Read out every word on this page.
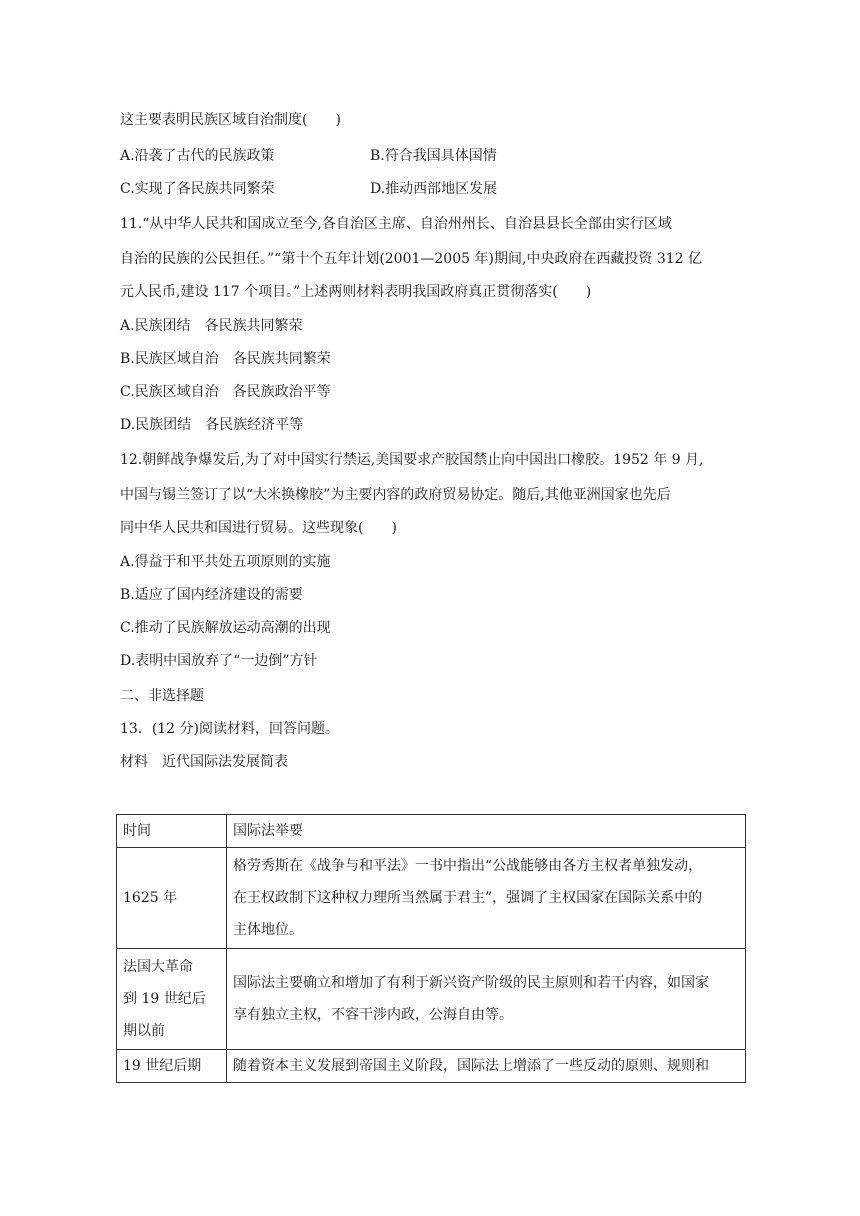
这主要表明民族区域自治制度(　　)
A.沿袭了古代的民族政策	B.符合我国具体国情
C.实现了各民族共同繁荣	D.推动西部地区发展
11.“从中华人民共和国成立至今,各自治区主席、自治州州长、自治县县长全部由实行区域
自治的民族的公民担任。”“第十个五年计划(2001—2005 年)期间,中央政府在西藏投资 312 亿
元人民币,建设 117 个项目。”上述两则材料表明我国政府真正贯彻落实(　　)
A.民族团结　各民族共同繁荣
B.民族区域自治　各民族共同繁荣
C.民族区域自治　各民族政治平等
D.民族团结　各民族经济平等
12.朝鲜战争爆发后,为了对中国实行禁运,美国要求产胶国禁止向中国出口橡胶。1952 年 9 月,
中国与锡兰签订了以“大米换橡胶”为主要内容的政府贸易协定。随后,其他亚洲国家也先后
同中华人民共和国进行贸易。这些现象(　　)
A.得益于和平共处五项原则的实施
B.适应了国内经济建设的需要
C.推动了民族解放运动高潮的出现
D.表明中国放弃了“一边倒”方针
二、非选择题
13．(12 分)阅读材料，回答问题。
材料　近代国际法发展简表
时间	国际法举要

1625 年	格劳秀斯在《战争与和平法》一书中指出“公战能够由各方主权者单独发动，
在王权政制下这种权力理所当然属于君主”，强调了主权国家在国际关系中的
主体地位。

法国大革命
到 19 世纪后
期以前	国际法主要确立和增加了有利于新兴资产阶级的民主原则和若干内容，如国家
享有独立主权，不容干涉内政，公海自由等。

19 世纪后期	随着资本主义发展到帝国主义阶段，国际法上增添了一些反动的原则、规则和
